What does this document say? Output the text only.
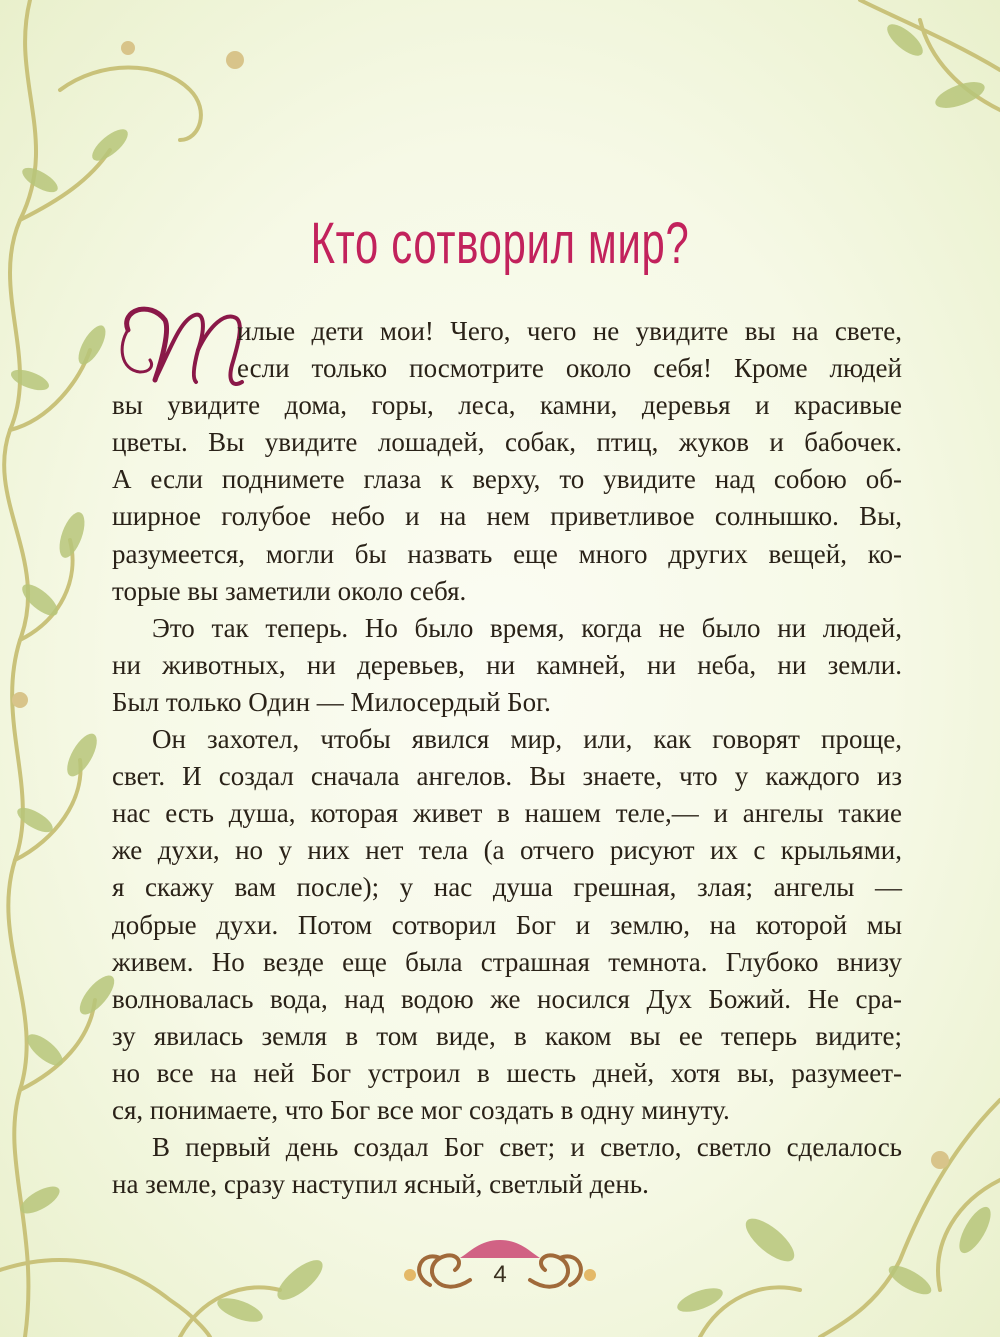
Кто сотворил мир?
илые дети мои! Чего, чего не увидите вы на свете,
если только посмотрите около себя! Кроме людей
вы увидите дома, горы, леса, камни, деревья и красивые
цветы. Вы увидите лошадей, собак, птиц, жуков и бабочек.
А если поднимете глаза к верху, то увидите над собою об-
ширное голубое небо и на нем приветливое солнышко. Вы,
разумеется, могли бы назвать еще много других вещей, ко-
торые вы заметили около себя.
Это так теперь. Но было время, когда не было ни людей,
ни животных, ни деревьев, ни камней, ни неба, ни земли.
Был только Один — Милосердый Бог.
Он захотел, чтобы явился мир, или, как говорят проще,
свет. И создал сначала ангелов. Вы знаете, что у каждого из
нас есть душа, которая живет в нашем теле,— и ангелы такие
же духи, но у них нет тела (а отчего рисуют их с крыльями,
я скажу вам после); у нас душа грешная, злая; ангелы —
добрые духи. Потом сотворил Бог и землю, на которой мы
живем. Но везде еще была страшная темнота. Глубоко внизу
волновалась вода, над водою же носился Дух Божий. Не сра-
зу явилась земля в том виде, в каком вы ее теперь видите;
но все на ней Бог устроил в шесть дней, хотя вы, разумеет-
ся, понимаете, что Бог все мог создать в одну минуту.
В первый день создал Бог свет; и светло, светло сделалось
на земле, сразу наступил ясный, светлый день.
4
